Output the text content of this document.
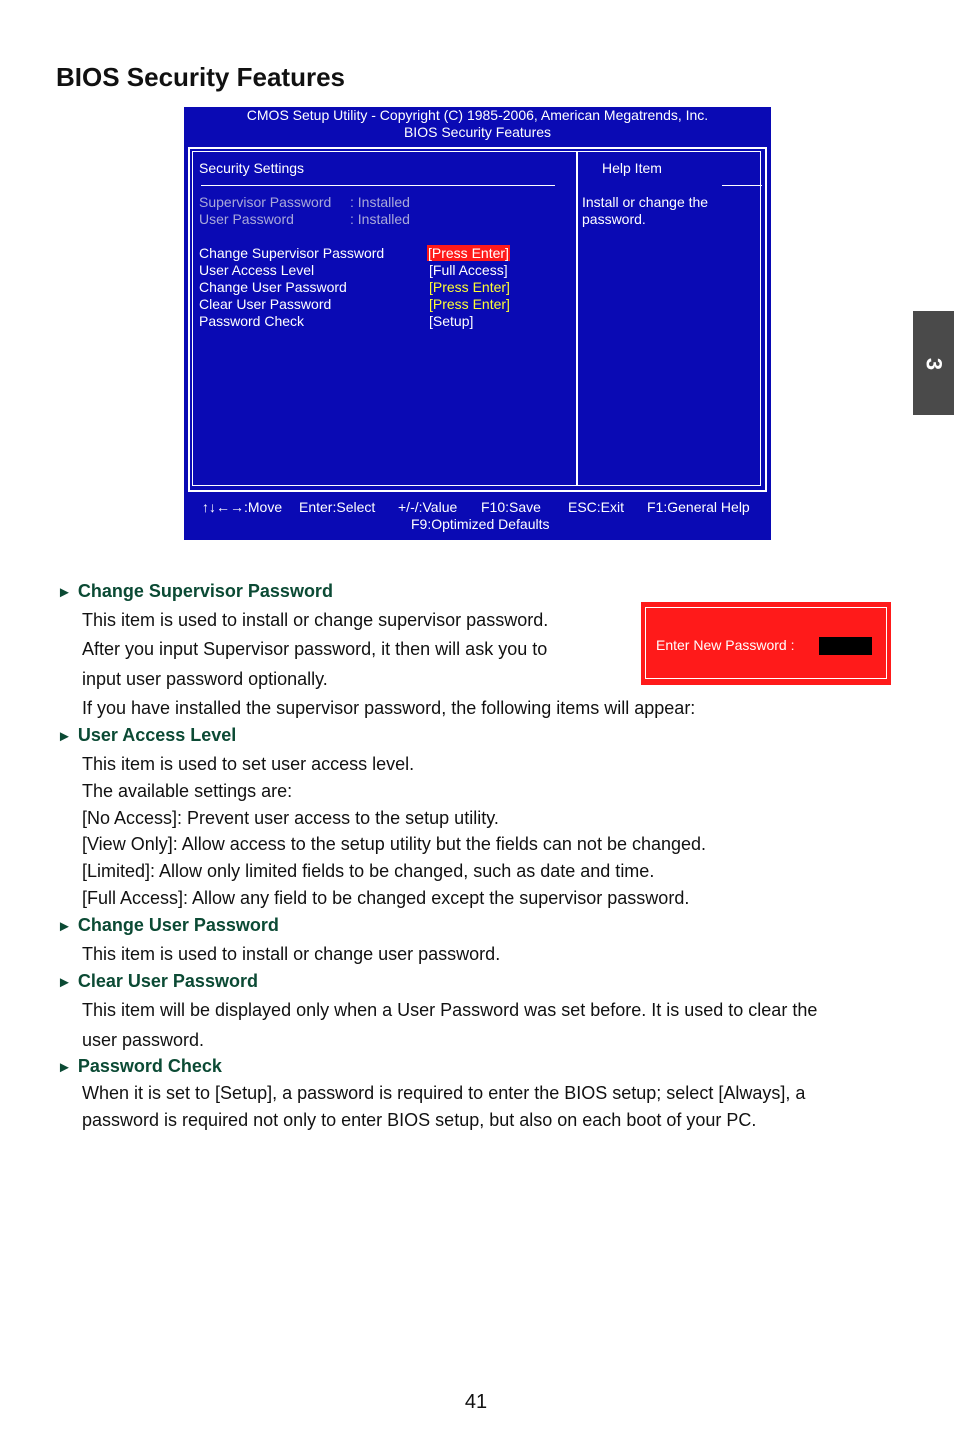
BIOS Security Features
CMOS Setup Utility - Copyright (C) 1985-2006, American Megatrends, Inc.
BIOS Security Features
Security Settings
Supervisor Password : Installed
User Password	: Installed
Change Supervisor Password	[Press Enter]
User Access Level	[Full Access]
Change User Password	[Press Enter]
Clear User Password	[Press Enter]
Password Check	[Setup]
Help Item
Install or change the
password.
↑↓←→:Move Enter:Select +/-/:Value F10:Save ESC:Exit F1:General Help
F9:Optimized Defaults
Enter New Password :
► Change Supervisor Password
This item is used to install or change supervisor password.
After you input Supervisor password, it then will ask you to
input user password optionally.
If you have installed the supervisor password, the following items will appear:
► User Access Level
This item is used to set user access level.
The available settings are:
[No Access]: Prevent user access to the setup utility.
[View Only]: Allow access to the setup utility but the fields can not be changed.
[Limited]: Allow only limited fields to be changed, such as date and time.
[Full Access]: Allow any field to be changed except the supervisor password.
► Change User Password
This item is used to install or change user password.
► Clear User Password
This item will be displayed only when a User Password was set before. It is used to clear the
user password.
► Password Check
When it is set to [Setup], a password is required to enter the BIOS setup; select [Always], a
password is required not only to enter BIOS setup, but also on each boot of your PC.
3
41
